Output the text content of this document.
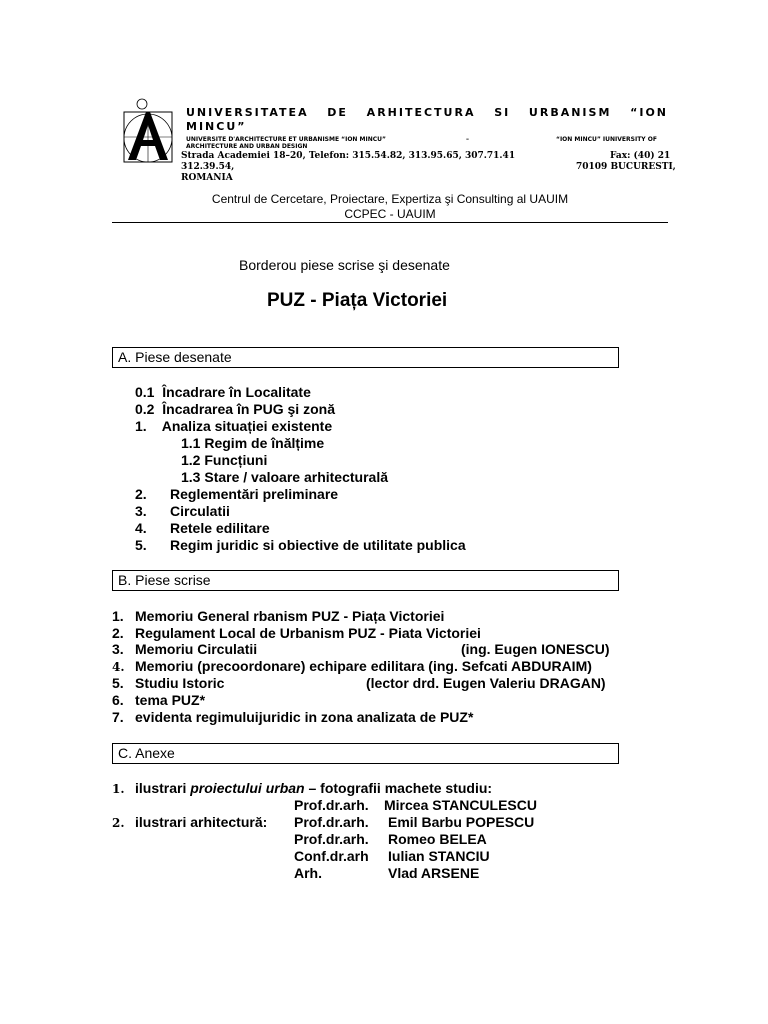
UNIVERSITATEA DE ARHITECTURA SI URBANISM “ION
MINCU”
UNIVERSITE D'ARCHITECTURE ET URBANISME “ION MINCU”	–	“ION MINCU” IUNIVERSITY OF
ARCHITECTURE AND URBAN DESIGN
Strada Academiei 18–20, Telefon: 315.54.82, 313.95.65, 307.71.41	Fax: (40) 21
312.39.54,	70109 BUCURESTI,
ROMANIA
Centrul de Cercetare, Proiectare, Expertiza şi Consulting al UAUIM
CCPEC - UAUIM
Borderou piese scrise şi desenate
PUZ - Piața Victoriei
A. Piese desenate
0.1 Încadrare în Localitate
0.2 Încadrarea în PUG şi zonă
1. Analiza situației existente
1.1 Regim de înălțime
1.2 Funcțiuni
1.3 Stare / valoare arhitecturală
2. Reglementări preliminare
3. Circulatii
4. Retele edilitare
5. Regim juridic si obiective de utilitate publica
B. Piese scrise
1. Memoriu General rbanism PUZ - Piața Victoriei
2. Regulament Local de Urbanism PUZ - Piata Victoriei
3. Memoriu Circulatii	(ing. Eugen IONESCU)
4. Memoriu (precoordonare) echipare edilitara (ing. Sefcati ABDURAIM)
5. Studiu Istoric	(lector drd. Eugen Valeriu DRAGAN)
6. tema PUZ*
7. evidenta regimuluijuridic in zona analizata de PUZ*
C. Anexe
1. ilustrari proiectului urban – fotografii machete studiu:
Prof.dr.arh. Mircea STANCULESCU
2. ilustrari arhitectură: Prof.dr.arh. Emil Barbu POPESCU
Prof.dr.arh. Romeo BELEA
Conf.dr.arh Iulian STANCIU
Arh.	Vlad ARSENE
